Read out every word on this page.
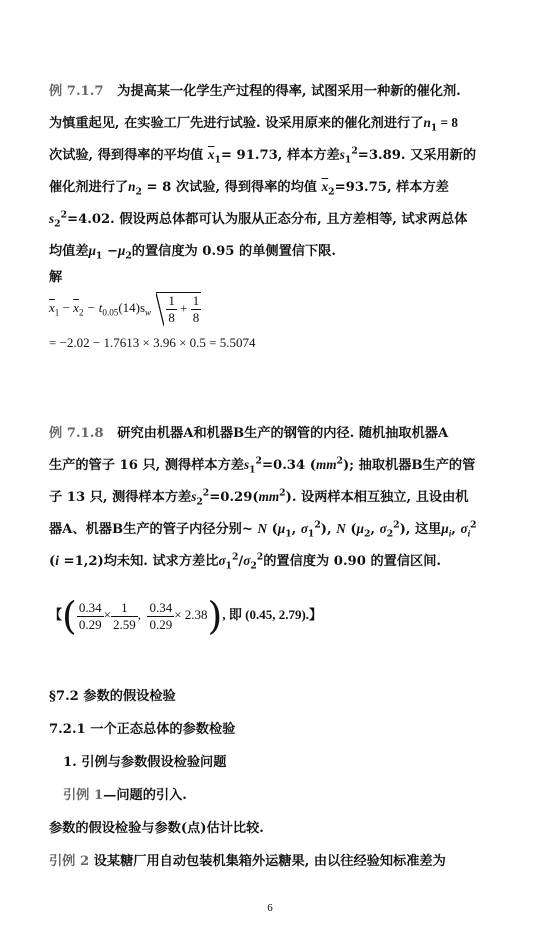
例 7.1.7 为提高某一化学生产过程的得率, 试图采用一种新的催化剂.
为慎重起见, 在实验工厂先进行试验. 设采用原来的催化剂进行了$n_1 = 8$
次试验, 得到得率的平均值 $\overline{x}_1= 91.73$, 样本方差$s_1^2=3.89$. 又采用新的
催化剂进行了$n_2 = 8$ 次试验, 得到得率的均值 $\overline{x}_2=93.75$, 样本方差
$s_2^2=4.02$. 假设两总体都可认为服从正态分布, 且方差相等, 试求两总体
均值差$\mu_1 -\mu_2$的置信度为 0.95 的单侧置信下限.
解
$\overline{x}_1 - \overline{x}_2 - t_{0.05}(14)s_w \frac{1}{8} + \frac{1}{8}$
= −2.02 − 1.7613 × 3.96 × 0.5 = 5.5074
例 7.1.8 研究由机器A和机器B生产的钢管的内径. 随机抽取机器A
生产的管子 16 只, 测得样本方差$s_1^2=0.34$ $(mm^2)$; 抽取机器B生产的管
子 13 只, 测得样本方差$s_2^2=0.29(mm^2)$. 设两样本相互独立, 且设由机
器A、机器B生产的管子内径分别~ N ($\mu_1$, $\sigma_1^2$), N ($\mu_2$, $\sigma_2^2$), 这里$\mu_i$, $\sigma_i^2$
(i =1,2)均未知. 试求方差比$\sigma_1^2/\sigma_2^2$的置信度为 0.90 的置信区间.
【( $\frac{0.34}{0.29} \times \frac{1}{2.59}$ , $\frac{0.34}{0.29} \times 2.38$), 即 (0.45, 2.79).】
§7.2 参数的假设检验
7.2.1 一个正态总体的参数检验
1. 引例与参数假设检验问题
引例 1—问题的引入.
参数的假设检验与参数(点)估计比较.
引例 2 设某糖厂用自动包装机集箱外运糖果, 由以往经验知标准差为
6
